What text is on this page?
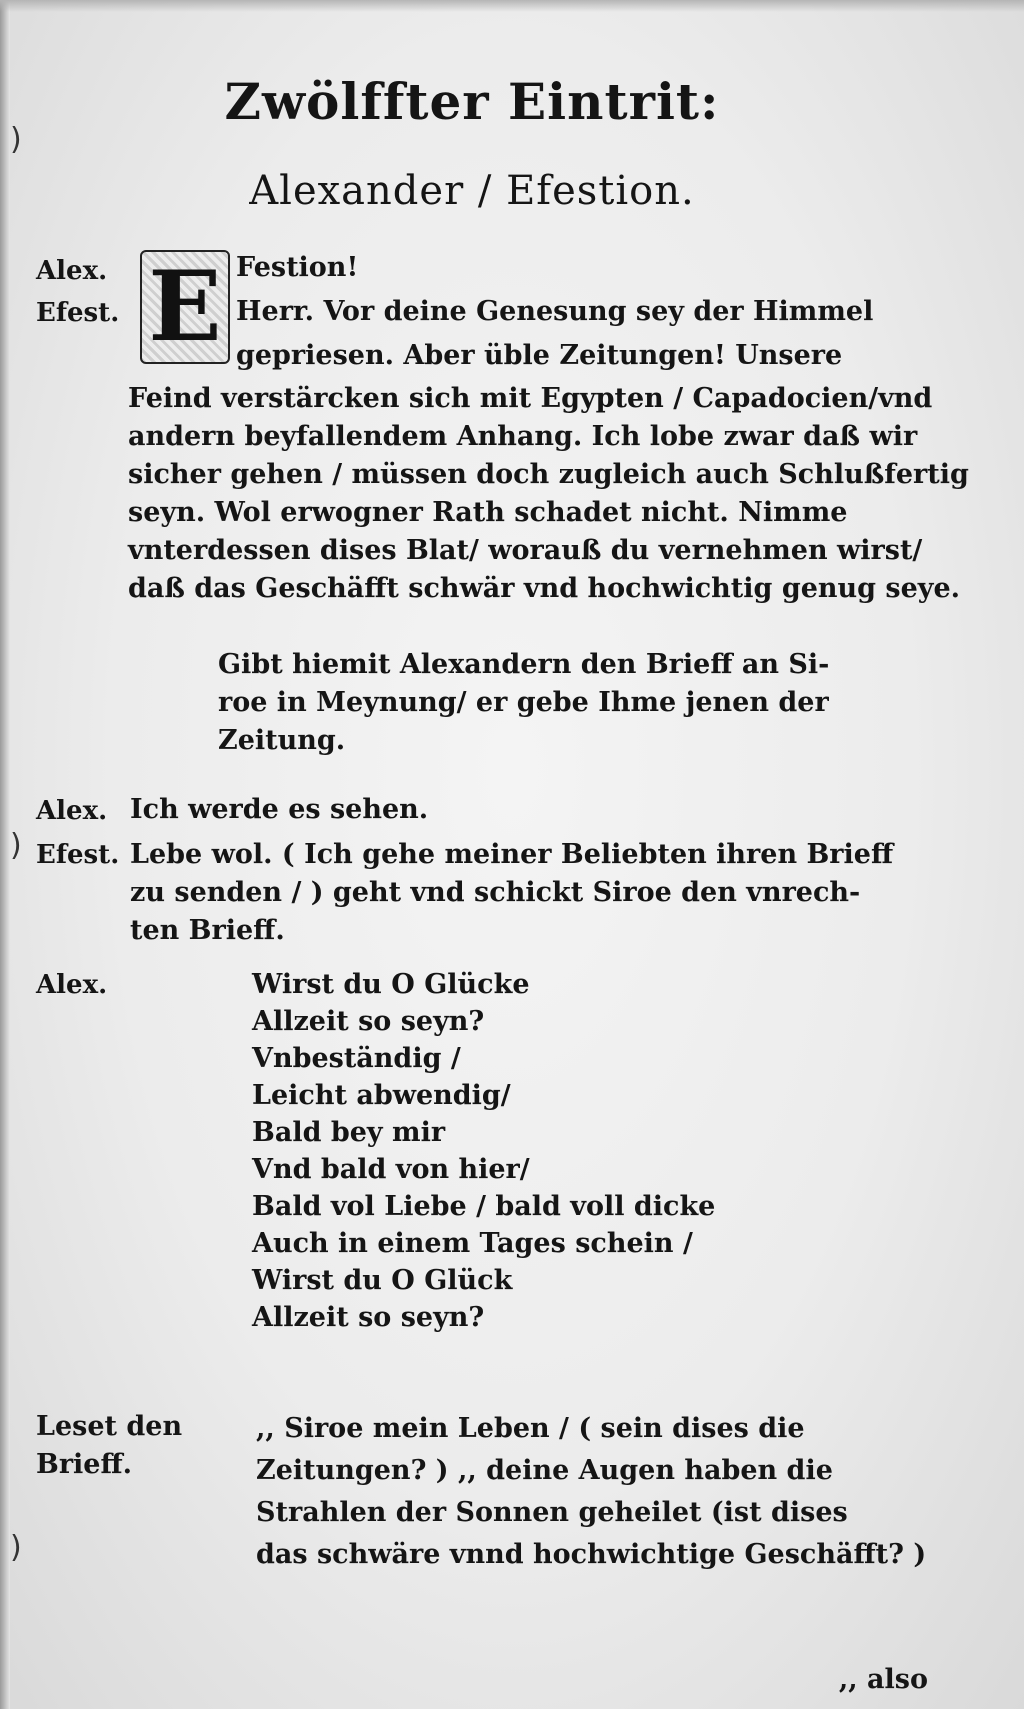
)
)
)
Zwölffter Eintrit:
Alexander / Efestion.
Alex. E Festion!
Efest.	Herr. Vor deine Genesung sey der Himmel
gepriesen. Aber üble Zeitungen! Unsere
Feind verstärcken sich mit Egypten / Capadocien/vnd
andern beyfallendem Anhang. Ich lobe zwar daß wir
sicher gehen / müssen doch zugleich auch Schlußfertig
seyn. Wol erwogner Rath schadet nicht. Nimme
vnterdessen dises Blat/ worauß du vernehmen wirst/
daß das Geschäfft schwär vnd hochwichtig genug seye.
Gibt hiemit Alexandern den Brieff an Si-
roe in Meynung/ er gebe Ihme jenen der
Zeitung.
Alex. Ich werde es sehen.
Efest. Lebe wol. ( Ich gehe meiner Beliebten ihren Brieff
zu senden / ) geht vnd schickt Siroe den vnrech-
ten Brieff.
Alex.	Wirst du O Glücke
Allzeit so seyn?
Vnbeständig /
Leicht abwendig/
Bald bey mir
Vnd bald von hier/
Bald vol Liebe / bald voll dicke
Auch in einem Tages schein /
Wirst du O Glück
Allzeit so seyn?
Leset den
Brieff.
,, Siroe mein Leben / ( sein dises die
Zeitungen? ) ,, deine Augen haben die
Strahlen der Sonnen geheilet (ist dises
das schwäre vnnd hochwichtige Geschäfft? )
,, also
